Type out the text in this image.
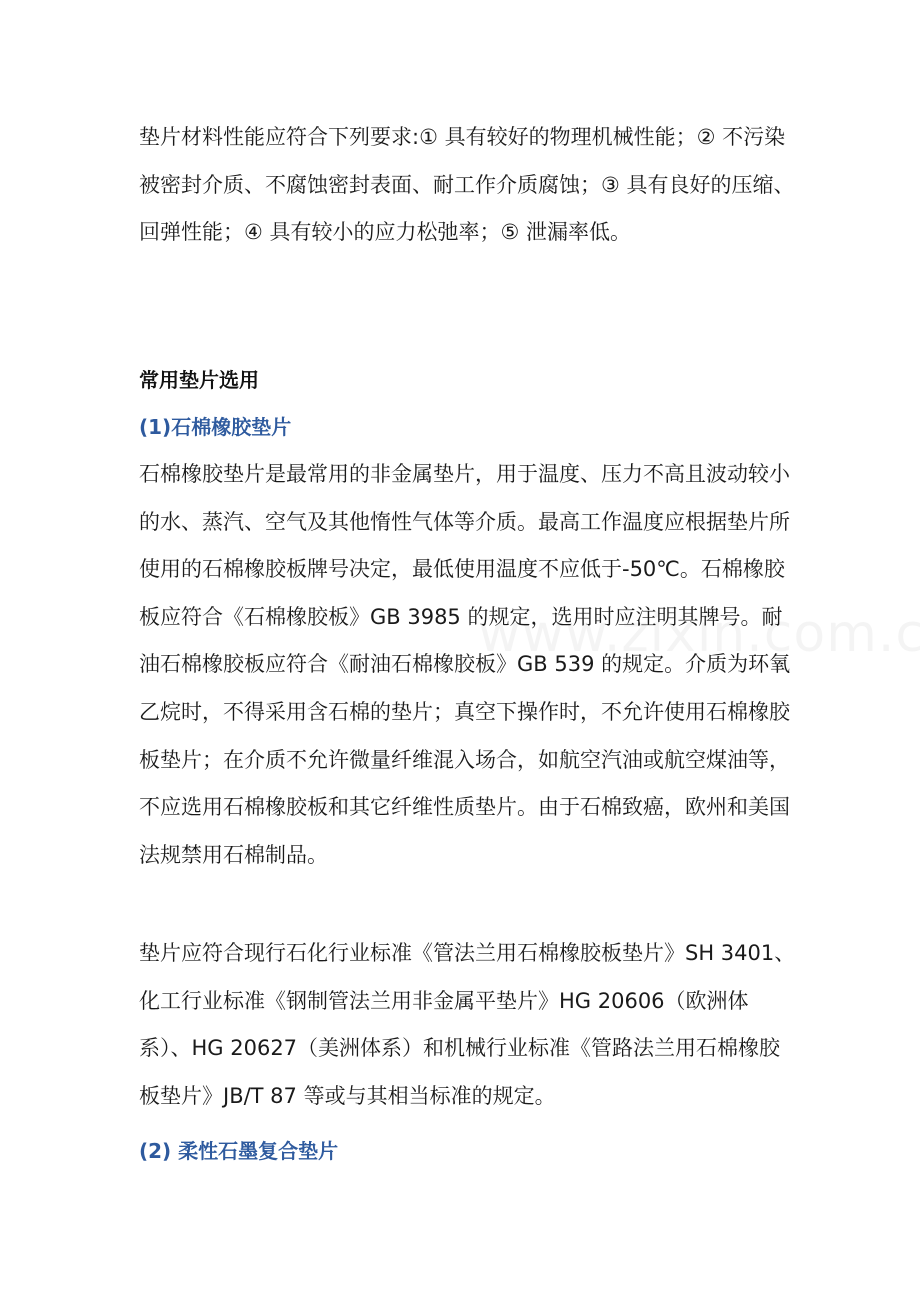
垫片材料性能应符合下列要求:① 具有较好的物理机械性能；② 不污染被密封介质、不腐蚀密封表面、耐工作介质腐蚀；③ 具有良好的压缩、回弹性能；④ 具有较小的应力松弛率；⑤ 泄漏率低。

常用垫片选用
(1)石棉橡胶垫片

石棉橡胶垫片是最常用的非金属垫片，用于温度、压力不高且波动较小的水、蒸汽、空气及其他惰性气体等介质。最高工作温度应根据垫片所使用的石棉橡胶板牌号决定，最低使用温度不应低于-50℃。石棉橡胶板应符合《石棉橡胶板》GB 3985 的规定，选用时应注明其牌号。耐油石棉橡胶板应符合《耐油石棉橡胶板》GB 539 的规定。介质为环氧乙烷时，不得采用含石棉的垫片；真空下操作时，不允许使用石棉橡胶板垫片；在介质不允许微量纤维混入场合，如航空汽油或航空煤油等，不应选用石棉橡胶板和其它纤维性质垫片。由于石棉致癌，欧州和美国法规禁用石棉制品。

垫片应符合现行石化行业标准《管法兰用石棉橡胶板垫片》SH 3401、化工行业标准《钢制管法兰用非金属平垫片》HG 20606（欧洲体系）、HG 20627（美洲体系）和机械行业标准《管路法兰用石棉橡胶板垫片》JB/T 87 等或与其相当标准的规定。

(2) 柔性石墨复合垫片
